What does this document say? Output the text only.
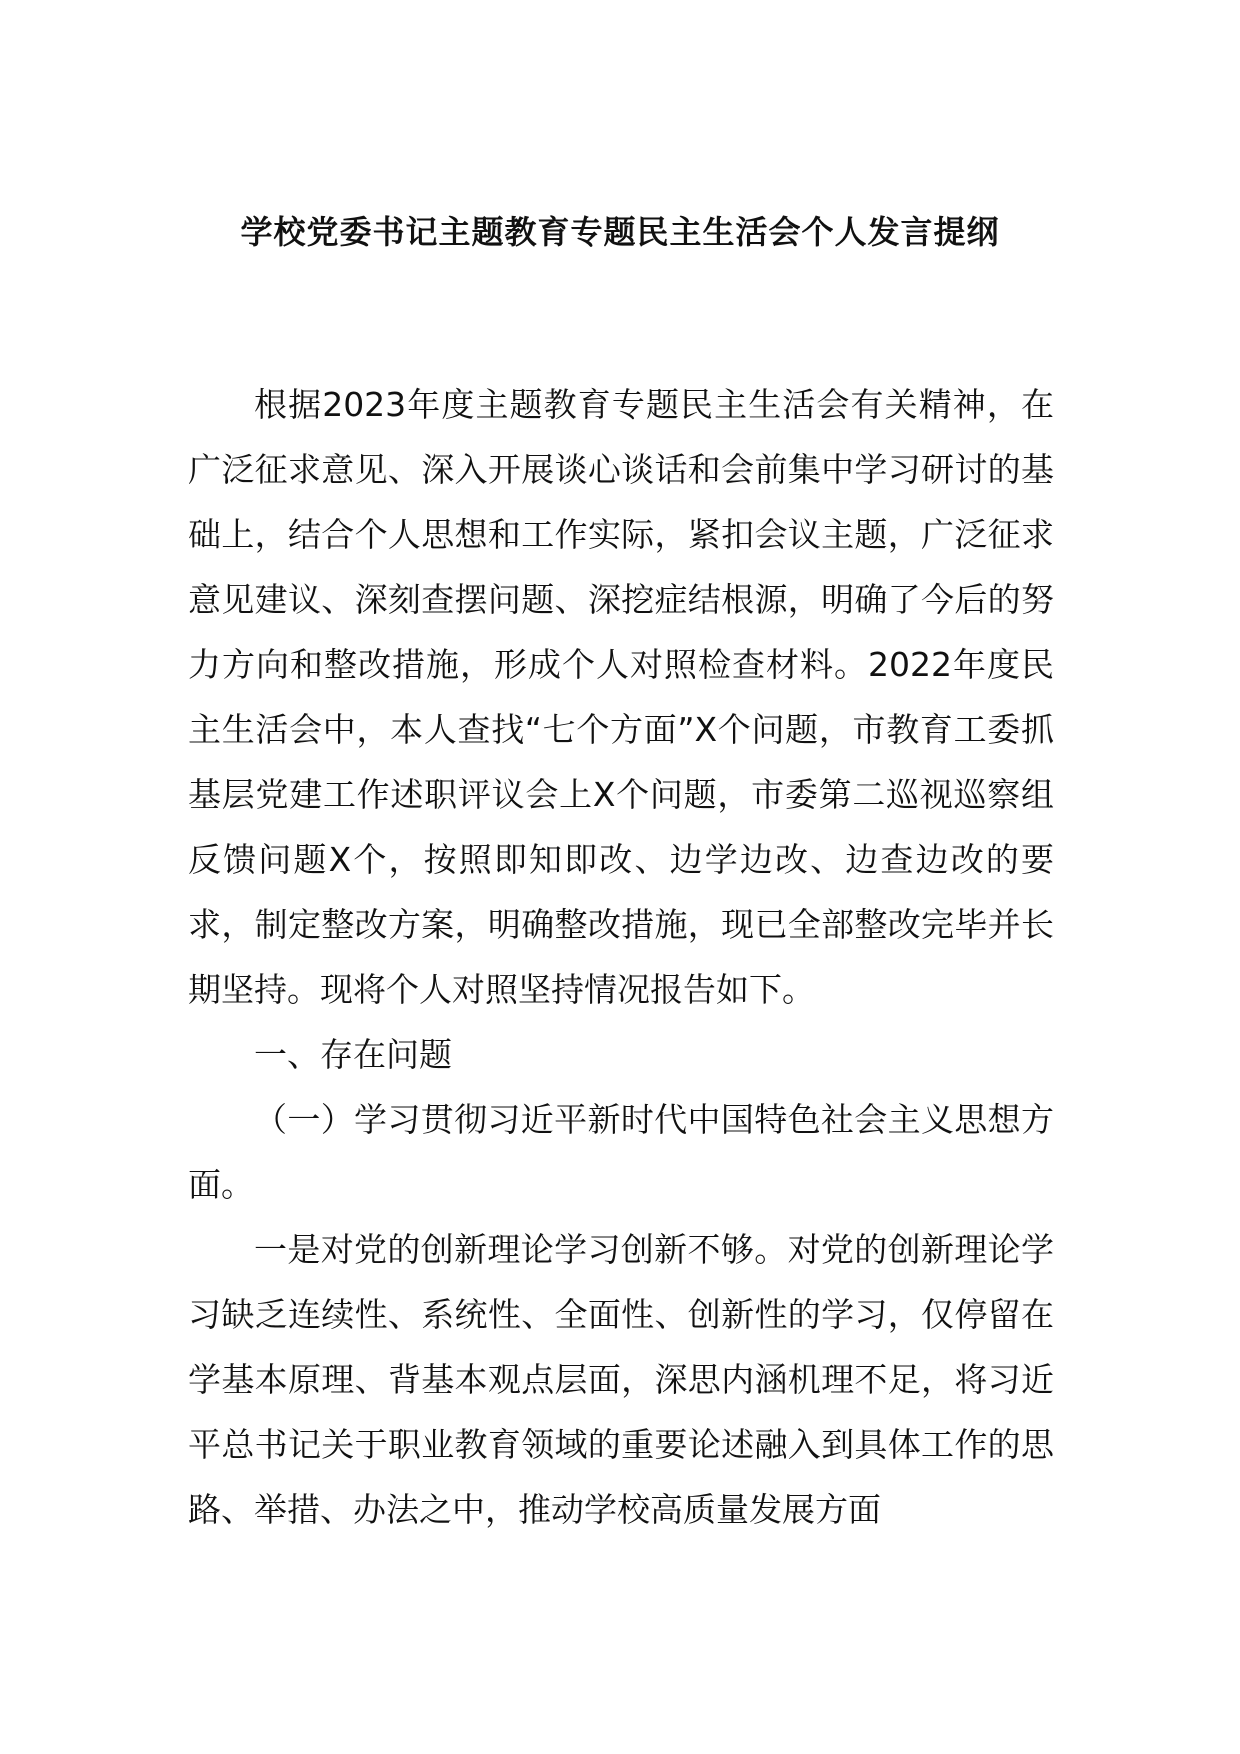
学校党委书记主题教育专题民主生活会个人发言提纲

根据2023年度主题教育专题民主生活会有关精神，在广泛征求意见、深入开展谈心谈话和会前集中学习研讨的基础上，结合个人思想和工作实际，紧扣会议主题，广泛征求意见建议、深刻查摆问题、深挖症结根源，明确了今后的努力方向和整改措施，形成个人对照检查材料。2022年度民主生活会中，本人查找“七个方面”X个问题，市教育工委抓基层党建工作述职评议会上X个问题，市委第二巡视巡察组反馈问题X个，按照即知即改、边学边改、边查边改的要求，制定整改方案，明确整改措施，现已全部整改完毕并长期坚持。现将个人对照坚持情况报告如下。

一、存在问题

（一）学习贯彻习近平新时代中国特色社会主义思想方面。

一是对党的创新理论学习创新不够。对党的创新理论学习缺乏连续性、系统性、全面性、创新性的学习，仅停留在学基本原理、背基本观点层面，深思内涵机理不足，将习近平总书记关于职业教育领域的重要论述融入到具体工作的思路、举措、办法之中，推动学校高质量发展方面
